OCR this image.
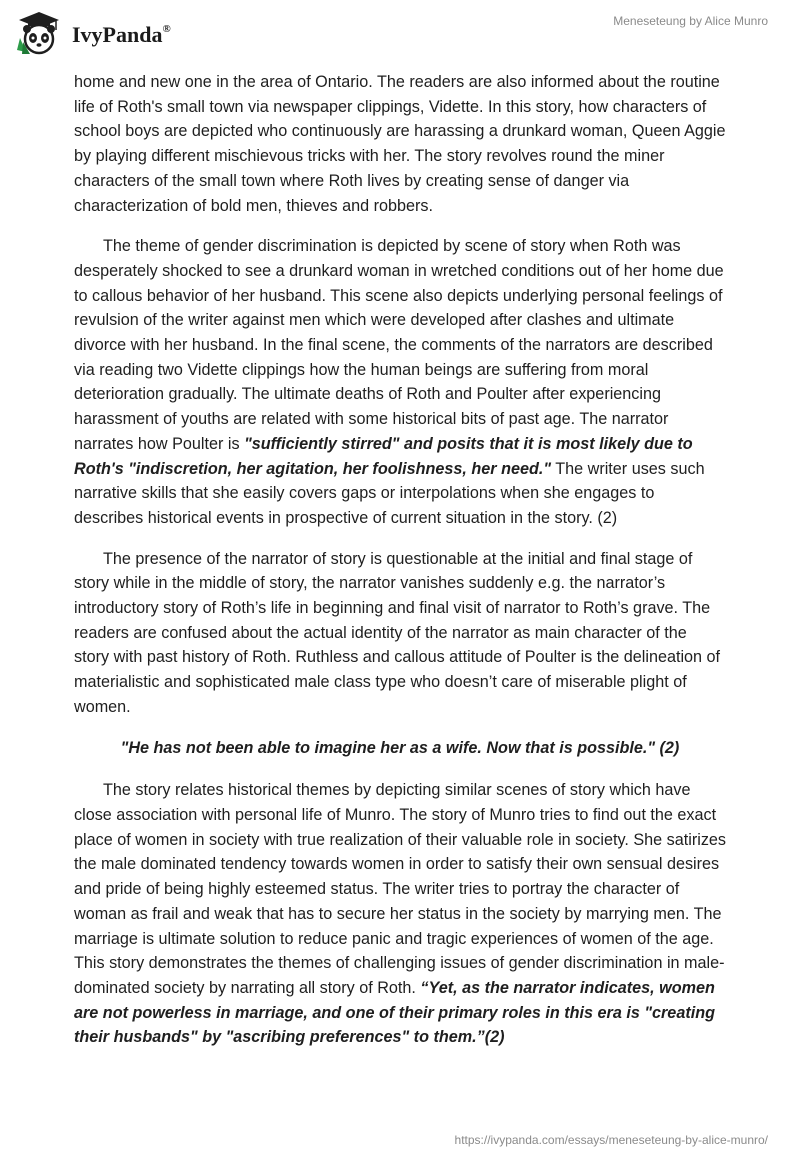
IvyPanda®
Meneseteung by Alice Munro

home and new one in the area of Ontario. The readers are also informed about the routine life of Roth's small town via newspaper clippings, Vidette. In this story, how characters of school boys are depicted who continuously are harassing a drunkard woman, Queen Aggie by playing different mischievous tricks with her. The story revolves round the miner characters of the small town where Roth lives by creating sense of danger via characterization of bold men, thieves and robbers.

The theme of gender discrimination is depicted by scene of story when Roth was desperately shocked to see a drunkard woman in wretched conditions out of her home due to callous behavior of her husband. This scene also depicts underlying personal feelings of revulsion of the writer against men which were developed after clashes and ultimate divorce with her husband. In the final scene, the comments of the narrators are described via reading two Vidette clippings how the human beings are suffering from moral deterioration gradually. The ultimate deaths of Roth and Poulter after experiencing harassment of youths are related with some historical bits of past age. The narrator narrates how Poulter is "sufficiently stirred" and posits that it is most likely due to Roth's "indiscretion, her agitation, her foolishness, her need." The writer uses such narrative skills that she easily covers gaps or interpolations when she engages to describes historical events in prospective of current situation in the story. (2)

The presence of the narrator of story is questionable at the initial and final stage of story while in the middle of story, the narrator vanishes suddenly e.g. the narrator’s introductory story of Roth’s life in beginning and final visit of narrator to Roth’s grave. The readers are confused about the actual identity of the narrator as main character of the story with past history of Roth. Ruthless and callous attitude of Poulter is the delineation of materialistic and sophisticated male class type who doesn’t care of miserable plight of women.

"He has not been able to imagine her as a wife. Now that is possible." (2)

The story relates historical themes by depicting similar scenes of story which have close association with personal life of Munro. The story of Munro tries to find out the exact place of women in society with true realization of their valuable role in society. She satirizes the male dominated tendency towards women in order to satisfy their own sensual desires and pride of being highly esteemed status. The writer tries to portray the character of woman as frail and weak that has to secure her status in the society by marrying men. The marriage is ultimate solution to reduce panic and tragic experiences of women of the age. This story demonstrates the themes of challenging issues of gender discrimination in male-dominated society by narrating all story of Roth. “Yet, as the narrator indicates, women are not powerless in marriage, and one of their primary roles in this era is "creating their husbands" by "ascribing preferences" to them.”(2)

https://ivypanda.com/essays/meneseteung-by-alice-munro/
